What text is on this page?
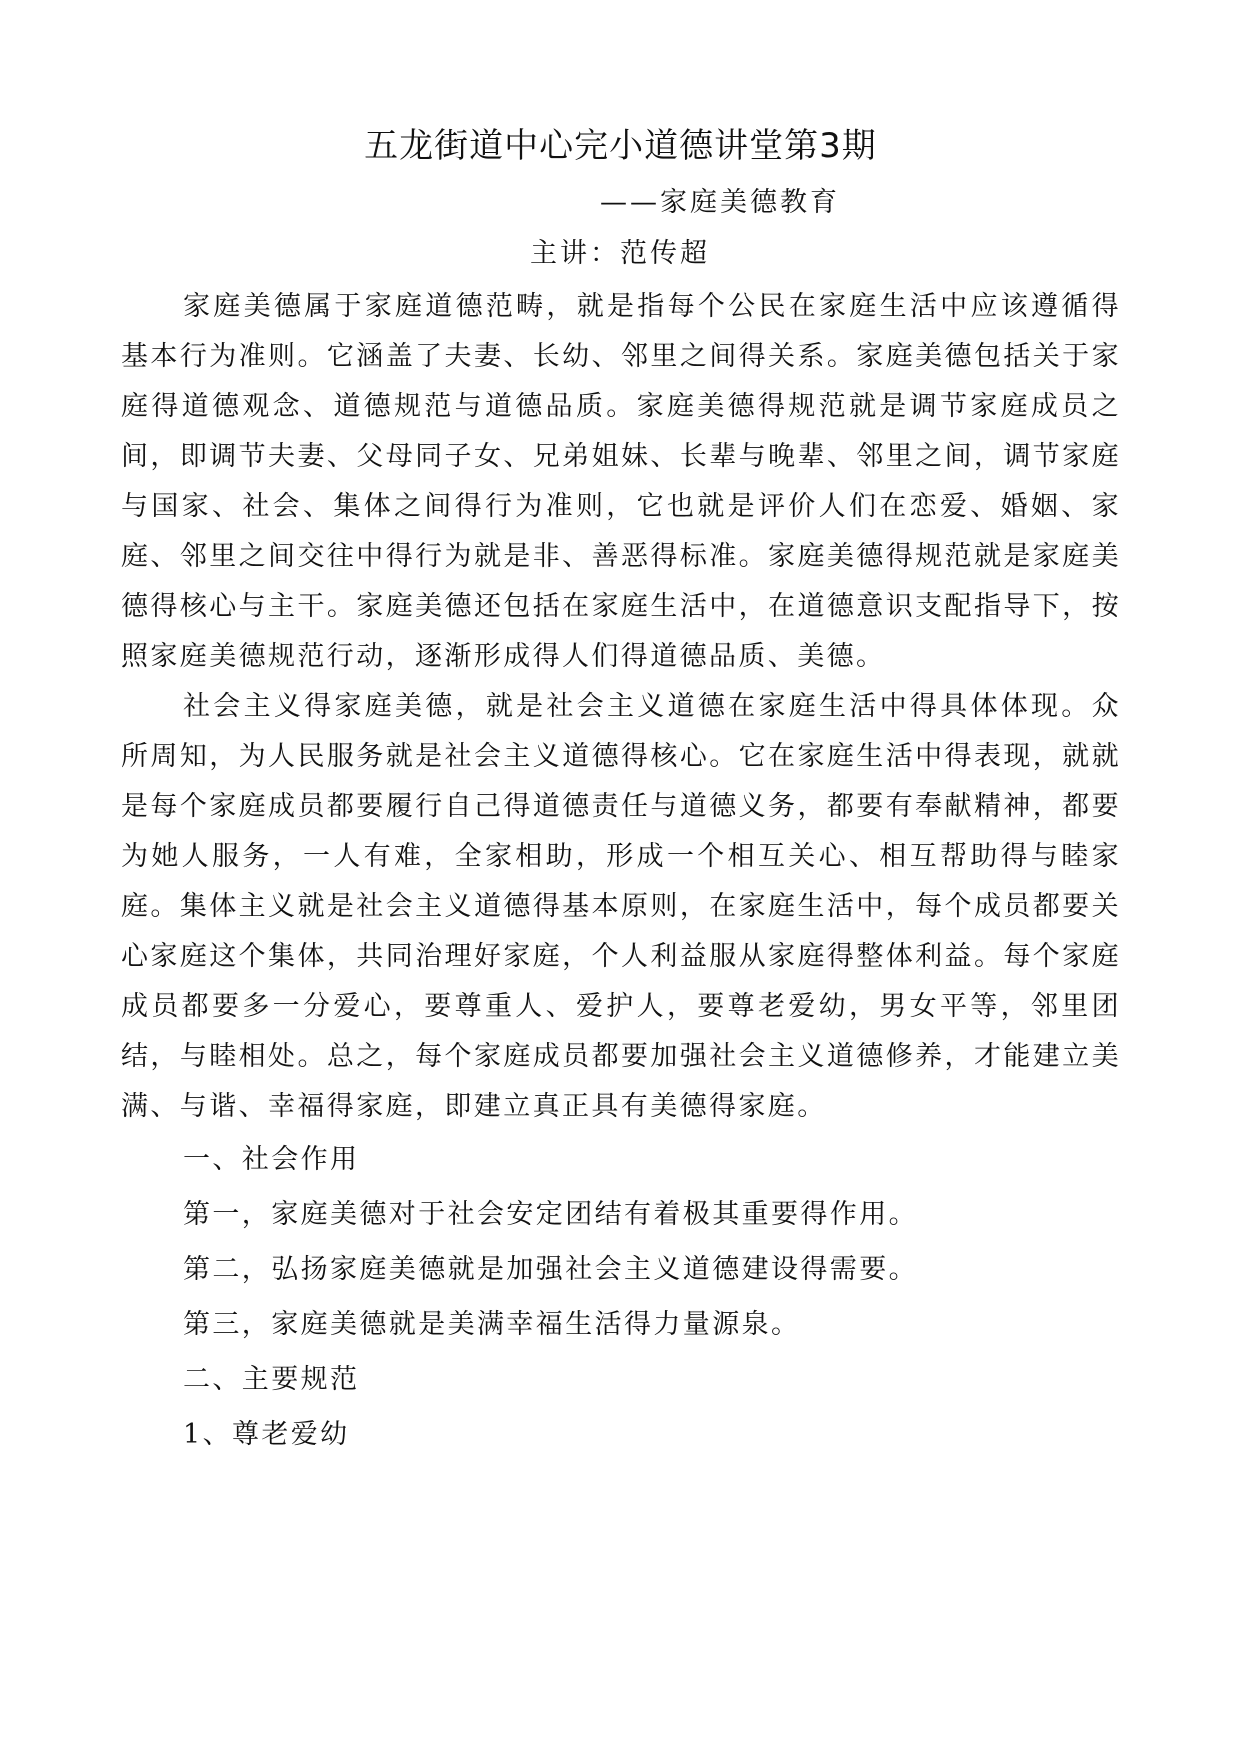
五龙街道中心完小道德讲堂第3期
——家庭美德教育
主讲：范传超

家庭美德属于家庭道德范畴，就是指每个公民在家庭生活中应该遵循得基本行为准则。它涵盖了夫妻、长幼、邻里之间得关系。家庭美德包括关于家庭得道德观念、道德规范与道德品质。家庭美德得规范就是调节家庭成员之间，即调节夫妻、父母同子女、兄弟姐妹、长辈与晚辈、邻里之间，调节家庭与国家、社会、集体之间得行为准则，它也就是评价人们在恋爱、婚姻、家庭、邻里之间交往中得行为就是非、善恶得标准。家庭美德得规范就是家庭美德得核心与主干。家庭美德还包括在家庭生活中，在道德意识支配指导下，按照家庭美德规范行动，逐渐形成得人们得道德品质、美德。

社会主义得家庭美德，就是社会主义道德在家庭生活中得具体体现。众所周知，为人民服务就是社会主义道德得核心。它在家庭生活中得表现，就就是每个家庭成员都要履行自己得道德责任与道德义务，都要有奉献精神，都要为她人服务，一人有难，全家相助，形成一个相互关心、相互帮助得与睦家庭。集体主义就是社会主义道德得基本原则，在家庭生活中，每个成员都要关心家庭这个集体，共同治理好家庭，个人利益服从家庭得整体利益。每个家庭成员都要多一分爱心，要尊重人、爱护人，要尊老爱幼，男女平等，邻里团结，与睦相处。总之，每个家庭成员都要加强社会主义道德修养，才能建立美满、与谐、幸福得家庭，即建立真正具有美德得家庭。

一、社会作用

第一，家庭美德对于社会安定团结有着极其重要得作用。

第二，弘扬家庭美德就是加强社会主义道德建设得需要。

第三，家庭美德就是美满幸福生活得力量源泉。

二、主要规范

1、尊老爱幼
